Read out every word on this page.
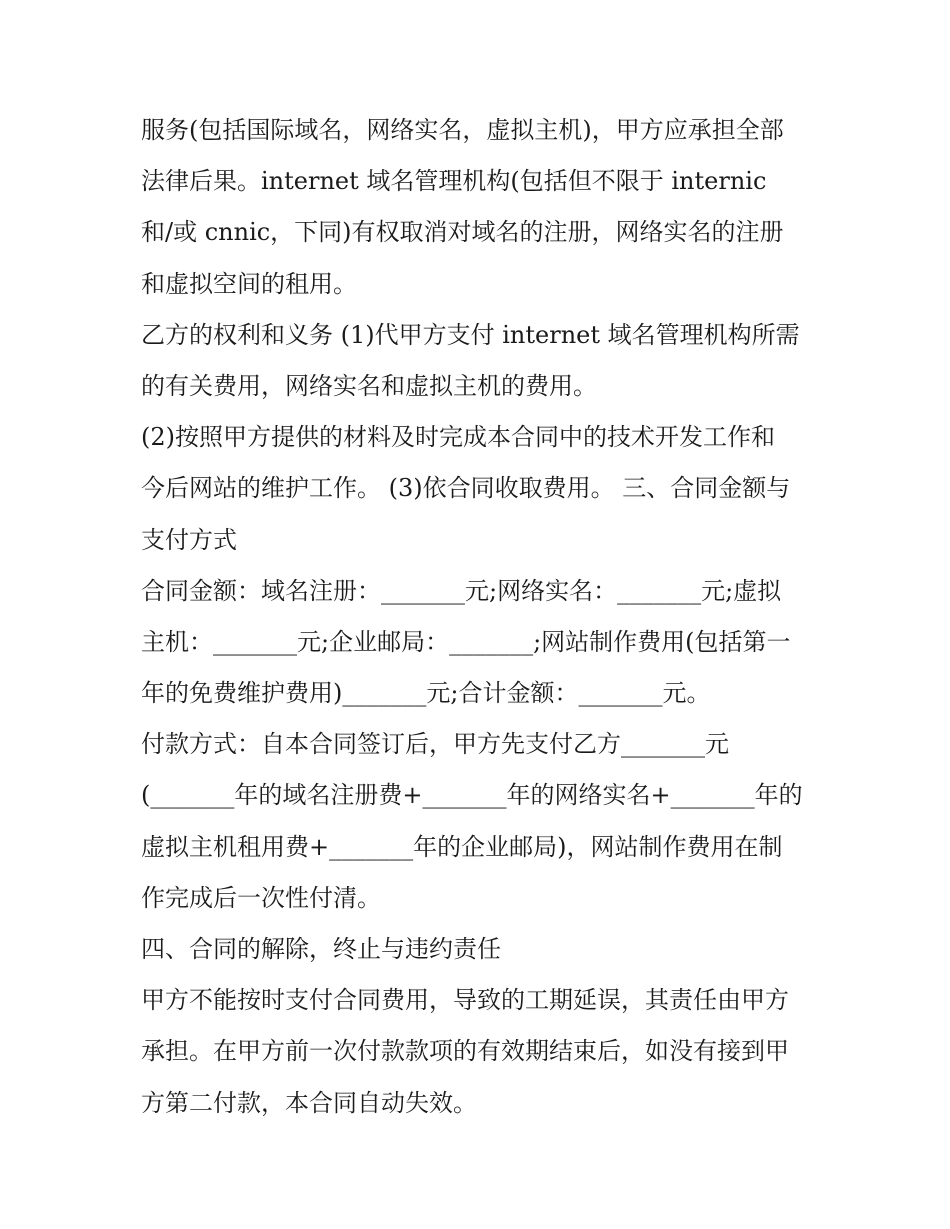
服务(包括国际域名，网络实名，虚拟主机)，甲方应承担全部
法律后果。internet 域名管理机构(包括但不限于 internic
和/或 cnnic，下同)有权取消对域名的注册，网络实名的注册
和虚拟空间的租用。
乙方的权利和义务 (1)代甲方支付 internet 域名管理机构所需
的有关费用，网络实名和虚拟主机的费用。
(2)按照甲方提供的材料及时完成本合同中的技术开发工作和
今后网站的维护工作。 (3)依合同收取费用。 三、合同金额与
支付方式
合同金额：域名注册：_______元;网络实名：_______元;虚拟
主机：_______元;企业邮局：_______;网站制作费用(包括第一
年的免费维护费用)_______元;合计金额：_______元。
付款方式：自本合同签订后，甲方先支付乙方_______元
(_______年的域名注册费+_______年的网络实名+_______年的
虚拟主机租用费+_______年的企业邮局)，网站制作费用在制
作完成后一次性付清。
四、合同的解除，终止与违约责任
甲方不能按时支付合同费用，导致的工期延误，其责任由甲方
承担。在甲方前一次付款款项的有效期结束后，如没有接到甲
方第二付款，本合同自动失效。
